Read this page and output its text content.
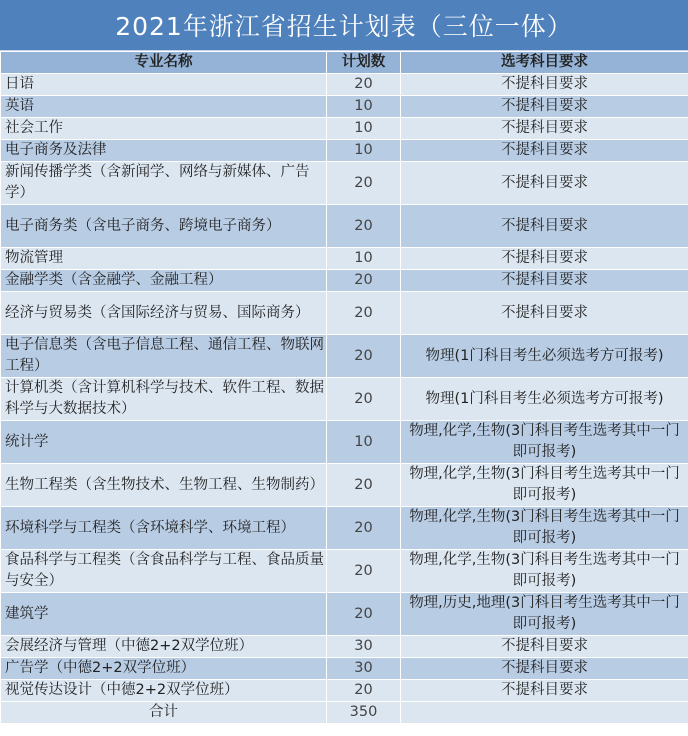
2021年浙江省招生计划表（三位一体）
专业名称	计划数	选考科目要求
日语	20	不提科目要求
英语	10	不提科目要求
社会工作	10	不提科目要求
电子商务及法律	10	不提科目要求
新闻传播学类（含新闻学、网络与新媒体、广告学）	20	不提科目要求
电子商务类（含电子商务、跨境电子商务）	20	不提科目要求
物流管理	10	不提科目要求
金融学类（含金融学、金融工程）	20	不提科目要求
经济与贸易类（含国际经济与贸易、国际商务）	20	不提科目要求
电子信息类（含电子信息工程、通信工程、物联网工程）	20	物理(1门科目考生必须选考方可报考)
计算机类（含计算机科学与技术、软件工程、数据科学与大数据技术）	20	物理(1门科目考生必须选考方可报考)
统计学	10	物理,化学,生物(3门科目考生选考其中一门即可报考)
生物工程类（含生物技术、生物工程、生物制药）	20	物理,化学,生物(3门科目考生选考其中一门即可报考)
环境科学与工程类（含环境科学、环境工程）	20	物理,化学,生物(3门科目考生选考其中一门即可报考)
食品科学与工程类（含食品科学与工程、食品质量与安全）	20	物理,化学,生物(3门科目考生选考其中一门即可报考)
建筑学	20	物理,历史,地理(3门科目考生选考其中一门即可报考)
会展经济与管理（中德2+2双学位班）	30	不提科目要求
广告学（中德2+2双学位班）	30	不提科目要求
视觉传达设计（中德2+2双学位班）	20	不提科目要求
合计	350	
